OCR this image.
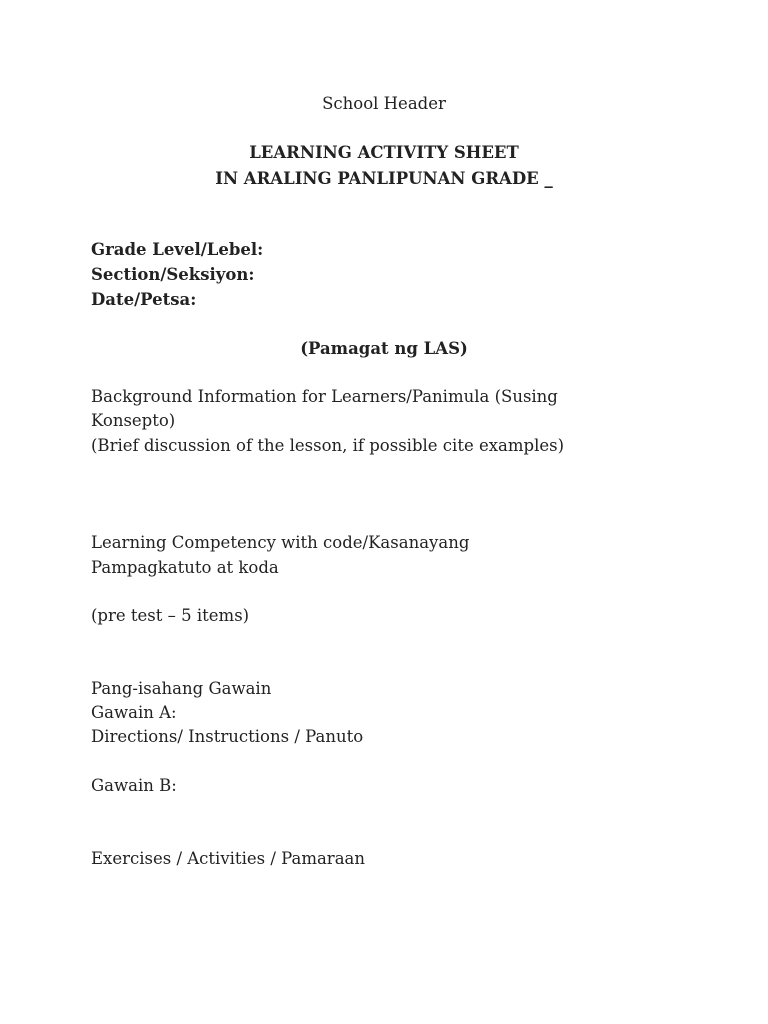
School Header
LEARNING ACTIVITY SHEET
IN ARALING PANLIPUNAN GRADE _
Grade Level/Lebel:
Section/Seksiyon:
Date/Petsa:
(Pamagat ng LAS)
Background Information for Learners/Panimula (Susing
Konsepto)
(Brief discussion of the lesson, if possible cite examples)
Learning Competency with code/Kasanayang
Pampagkatuto at koda
(pre test – 5 items)
Pang-isahang Gawain
Gawain A:
Directions/ Instructions / Panuto
Gawain B:
Exercises / Activities / Pamaraan
